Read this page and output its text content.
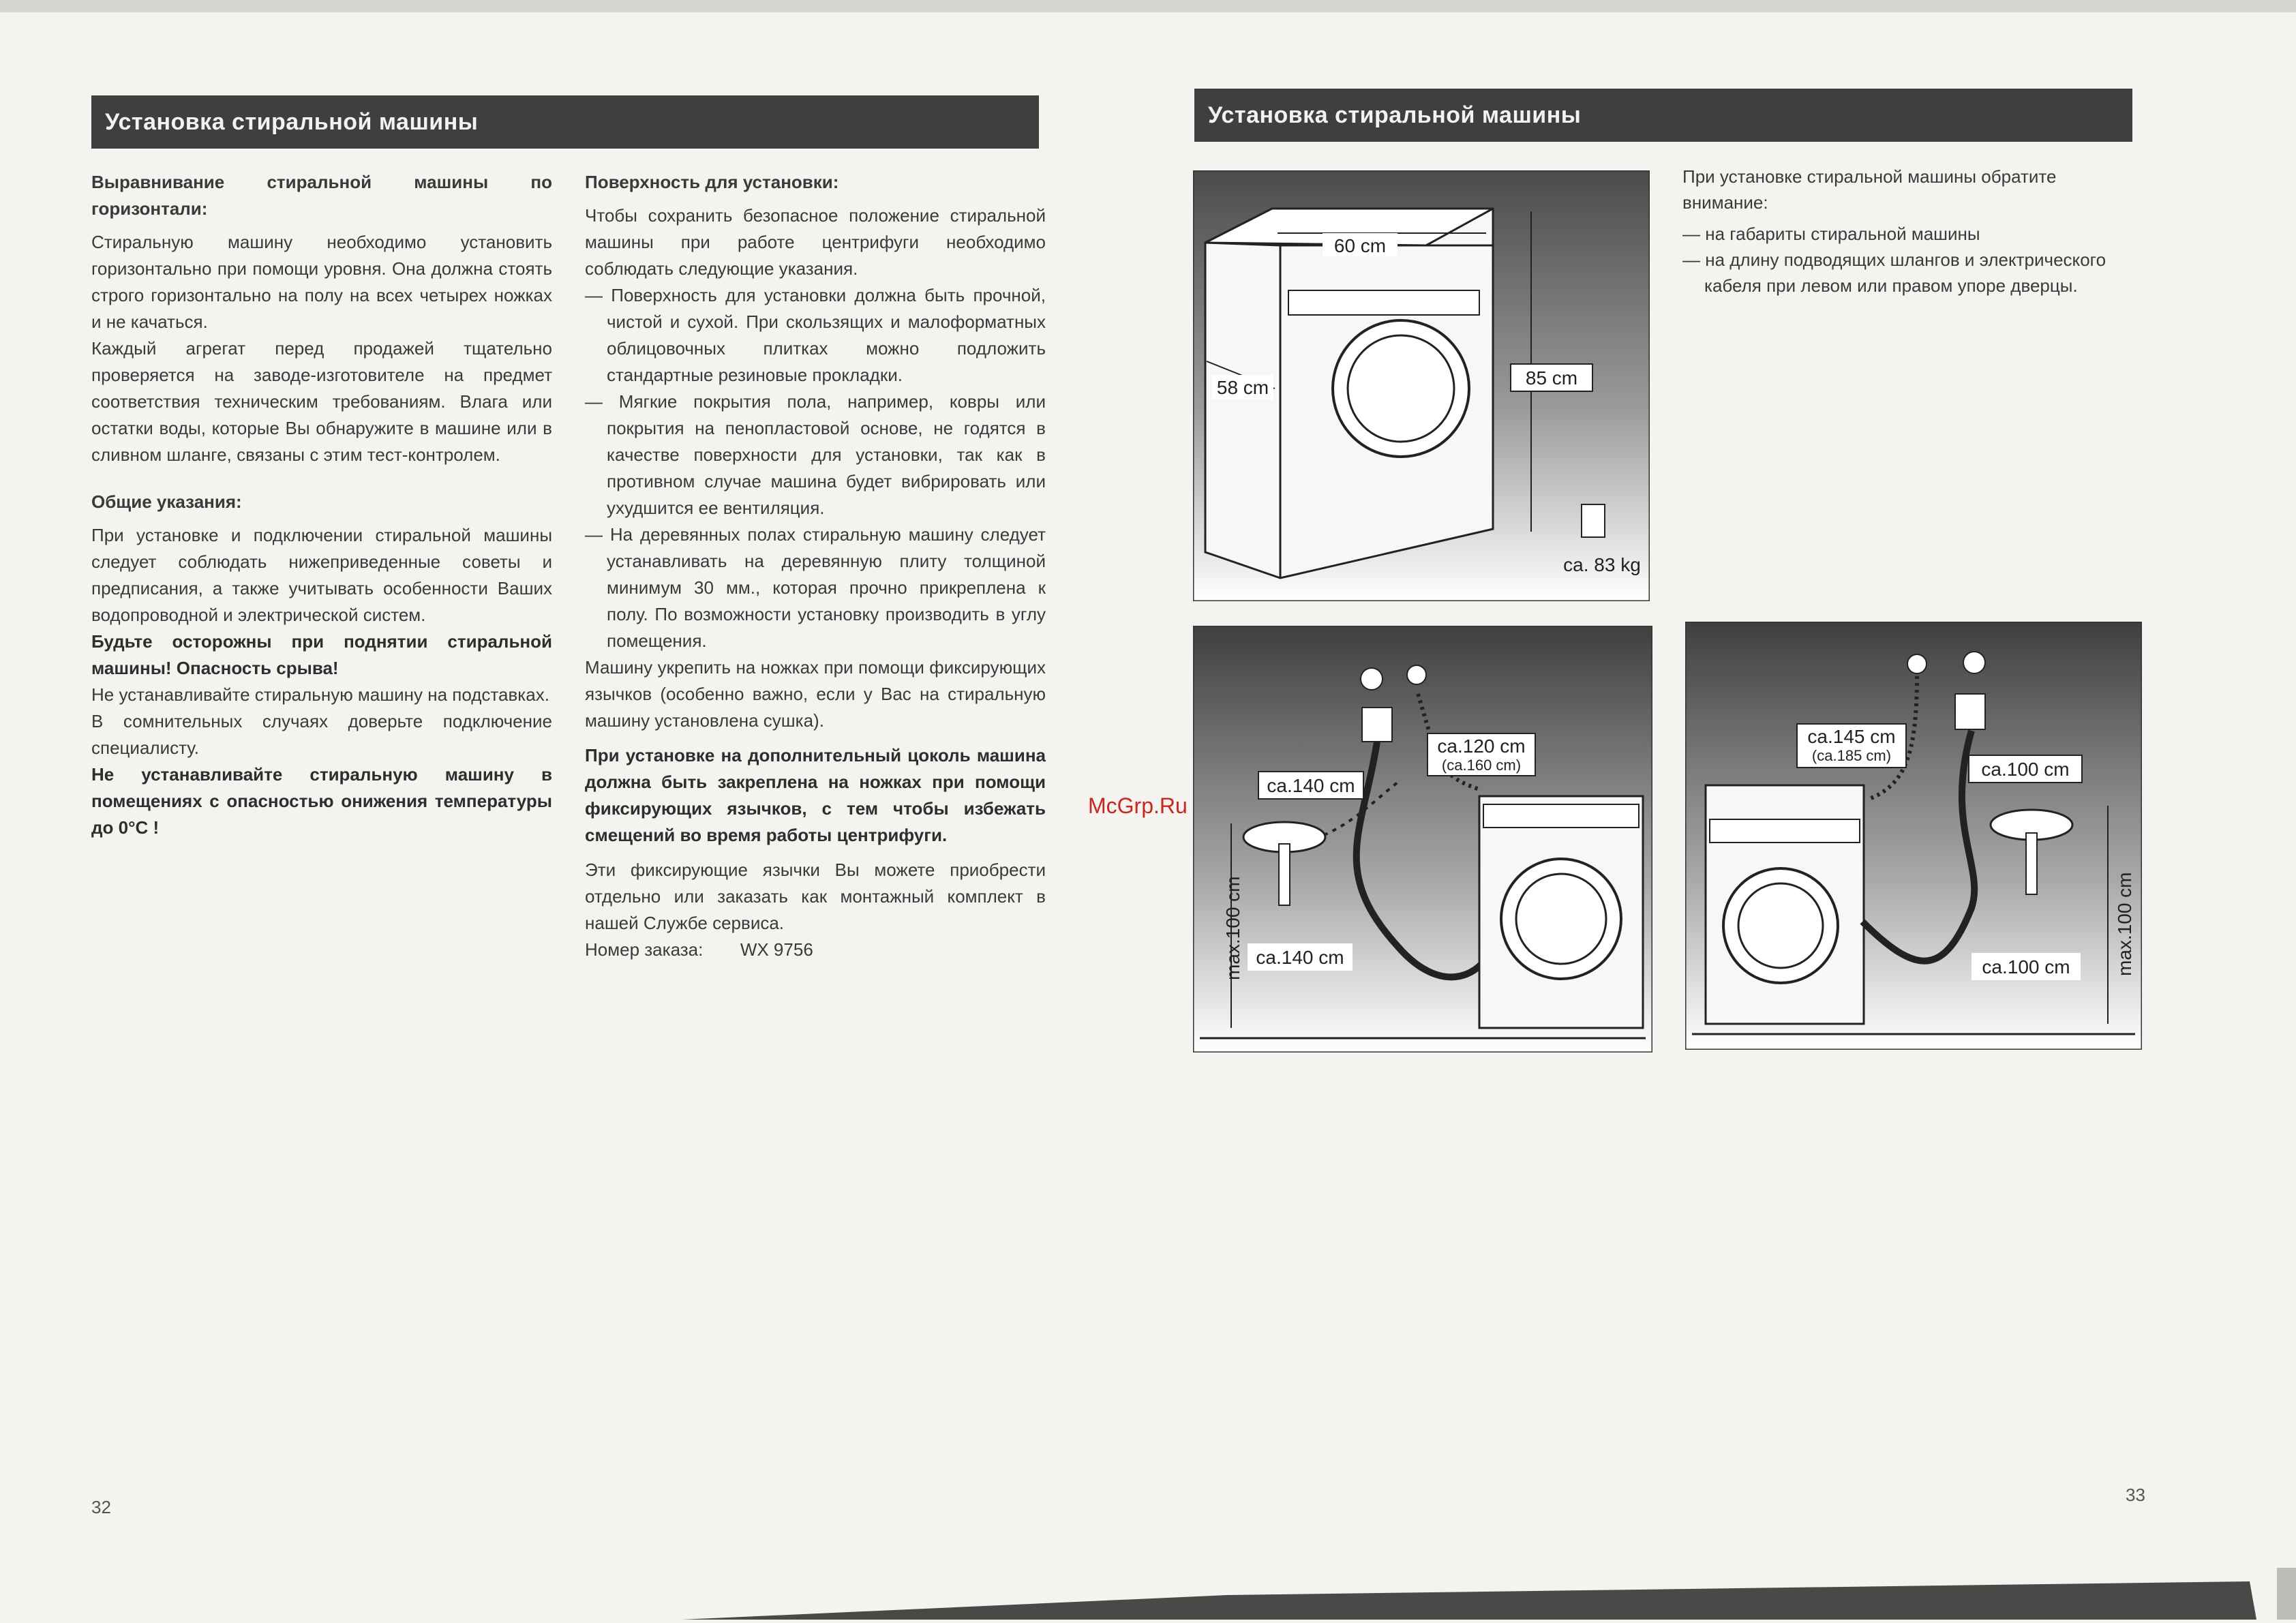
Установка стиральной машины

Выравнивание стиральной машины по горизонтали:

Стиральную машину необходимо установить горизонтально при помощи уровня. Она должна стоять строго горизонтально на полу на всех четырех ножках и не качаться.

Каждый агрегат перед продажей тщательно проверяется на заводе-изготовителе на предмет соответствия техническим требованиям. Влага или остатки воды, которые Вы обнаружите в машине или в сливном шланге, связаны с этим тест-контролем.

Общие указания:

При установке и подключении стиральной машины следует соблюдать нижеприведенные советы и предписания, а также учитывать особенности Ваших водопроводной и электрической систем.

Будьте осторожны при поднятии стиральной машины! Опасность срыва!

Не устанавливайте стиральную машину на подставках.

В сомнительных случаях доверьте подключение специалисту.

Не устанавливайте стиральную машину в помещениях с опасностью онижения температуры до 0°С !

Поверхность для установки:

Чтобы сохранить безопасное положение стиральной машины при работе центрифуги необходимо соблюдать следующие указания.

— Поверхность для установки должна быть прочной, чистой и сухой. При скользящих и малоформатных облицовочных плитках можно подложить стандартные резиновые прокладки.

— Мягкие покрытия пола, например, ковры или покрытия на пенопластовой основе, не годятся в качестве поверхности для установки, так как в противном случае машина будет вибрировать или ухудшится ее вентиляция.

— На деревянных полах стиральную машину следует устанавливать на деревянную плиту толщиной минимум 30 мм., которая прочно прикреплена к полу. По возможности установку производить в углу помещения.

Машину укрепить на ножках при помощи фиксирующих язычков (особенно важно, если у Вас на стиральную машину установлена сушка).

При установке на дополнительный цоколь машина должна быть закреплена на ножках при помощи фиксирующих язычков, с тем чтобы избежать смещений во время работы центрифуги.

Эти фиксирующие язычки Вы можете приобрести отдельно или заказать как монтажный комплект в нашей Службе сервиса.

Номер заказа: WX 9756

32
McGrp.Ru
Установка стиральной машины

При установке стиральной машины обратите внимание:

— на габариты стиральной машины

— на длину подводящих шлангов и электрического кабеля при левом или правом упоре дверцы.

60 cm
58 cm	85 cm
ca. 83 kg
max.100 cm
ca.140 cm
ca.120 cm
(ca.160 cm)
ca.140 cm	max.100 cm
ca.145 cm
(ca.185 cm)
ca.100 cm
ca.100 cm
33
